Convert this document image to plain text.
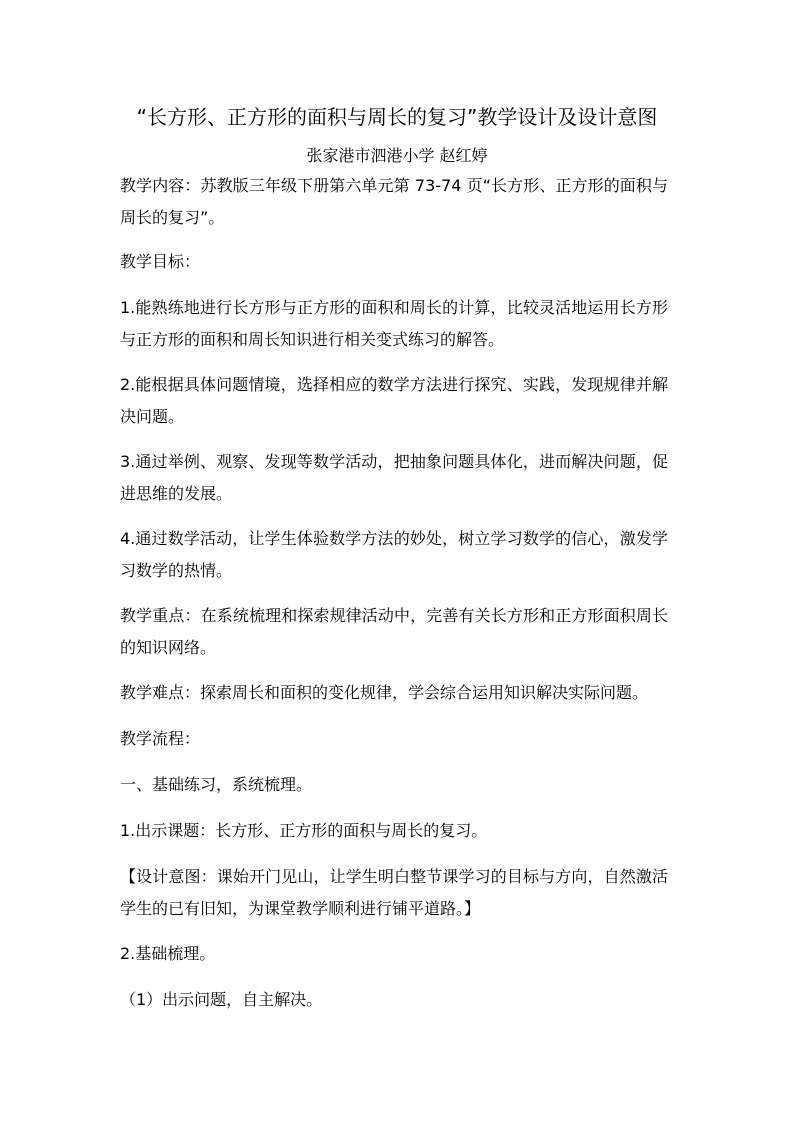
“长方形、正方形的面积与周长的复习”教学设计及设计意图
张家港市泗港小学 赵红婷

教学内容：苏教版三年级下册第六单元第 73-74 页“长方形、正方形的面积与周长的复习”。

教学目标：

1.能熟练地进行长方形与正方形的面积和周长的计算，比较灵活地运用长方形与正方形的面积和周长知识进行相关变式练习的解答。

2.能根据具体问题情境，选择相应的数学方法进行探究、实践，发现规律并解决问题。

3.通过举例、观察、发现等数学活动，把抽象问题具体化，进而解决问题，促进思维的发展。

4.通过数学活动，让学生体验数学方法的妙处，树立学习数学的信心，激发学习数学的热情。

教学重点：在系统梳理和探索规律活动中，完善有关长方形和正方形面积周长的知识网络。

教学难点：探索周长和面积的变化规律，学会综合运用知识解决实际问题。

教学流程：

一、基础练习，系统梳理。

1.出示课题：长方形、正方形的面积与周长的复习。

【设计意图：课始开门见山，让学生明白整节课学习的目标与方向，自然激活学生的已有旧知，为课堂教学顺利进行铺平道路。】

2.基础梳理。

（1）出示问题，自主解决。
